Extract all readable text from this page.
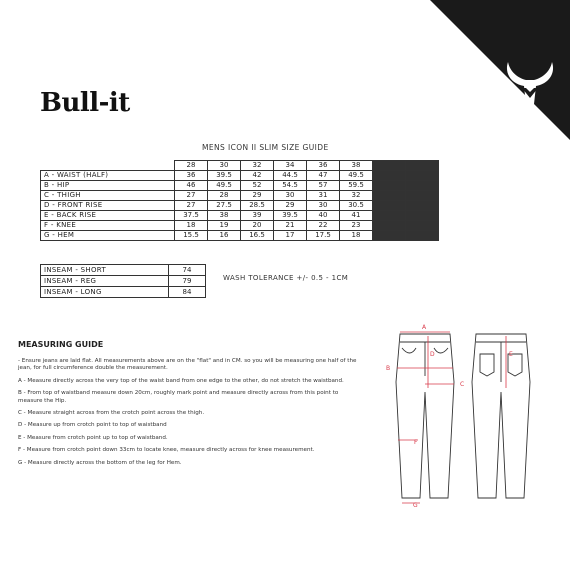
Bull-it
MENS ICON II SLIM SIZE GUIDE
	28	30	32	34	36	38		
A - WAIST (HALF)	36	39.5	42	44.5	47	49.5		
B - HIP	46	49.5	52	54.5	57	59.5		
C - THIGH	27	28	29	30	31	32		
D - FRONT RISE	27	27.5	28.5	29	30	30.5		
E - BACK RISE	37.5	38	39	39.5	40	41		
F - KNEE	18	19	20	21	22	23		
G - HEM	15.5	16	16.5	17	17.5	18		
INSEAM - SHORT	74
INSEAM - REG	79
INSEAM - LONG	84
WASH TOLERANCE +/- 0.5 - 1CM
MEASURING GUIDE

- Ensure jeans are laid flat. All measurements above are on the "flat" and in CM. so you will be measuring one half of the jean, for full circumference double the measurement.

A - Measure directly across the very top of the waist band from one edge to the other, do not stretch the waistband.

B - From top of waistband measure down 20cm, roughly mark point and measure directly across from this point to measure the Hip.

C - Measure straight across from the crotch point across the thigh.

D - Measure up from crotch point to top of waistband

E - Measure from crotch point up to top of waistband.

F - Measure from crotch point down 33cm to locate knee, measure directly across for knee measurement.

G - Measure directly across the bottom of the leg for Hem.

A
B
C
D	E
F
G
